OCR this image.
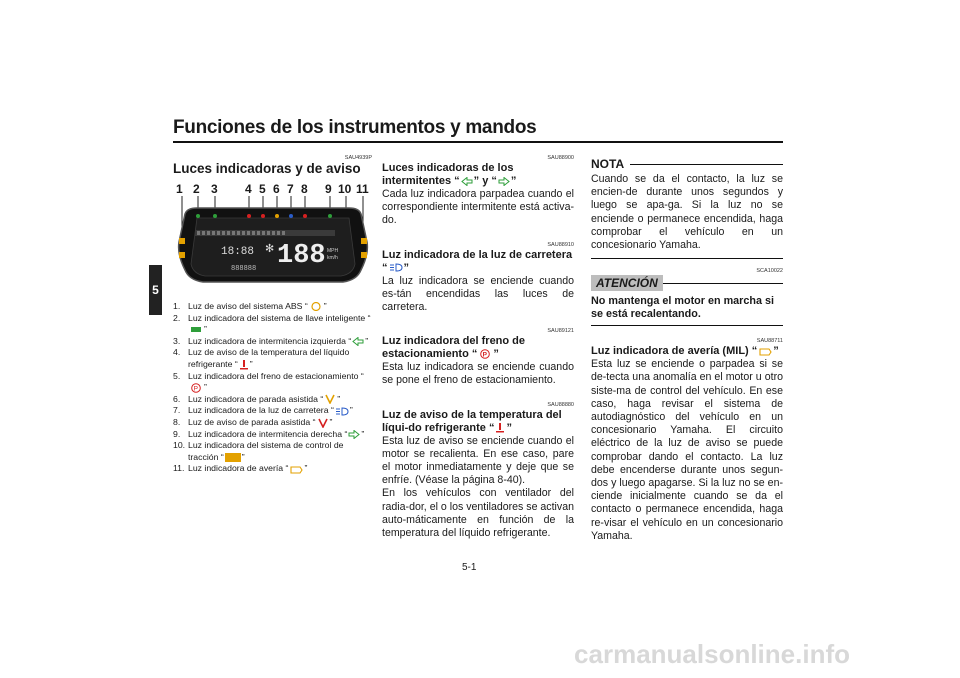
Funciones de los instrumentos y mandos
5
SAU4939P
Luces indicadoras y de aviso
1 2 3 4 5 6 7 8 9 10 11
18:88 ✻ 188 MPH
km/h
888888
1. Luz de aviso del sistema ABS “ ”
2. Luz indicadora del sistema de llave inteligente “”
3. Luz indicadora de intermitencia izquierda “ ”
4. Luz de aviso de la temperatura del líquido refrigerante “ ”
5. Luz indicadora del freno de estacionamiento “
P ”
6. Luz indicadora de parada asistida “ ”
7. Luz indicadora de la luz de carretera “ ”
8. Luz de aviso de parada asistida “ ”
9. Luz indicadora de intermitencia derecha “ ”
10. Luz indicadora del sistema de control de tracción “ ”
11. Luz indicadora de avería “ ”
SAU88900
Luces indicadoras de los intermitentes “ ” y “ ”
Cada luz indicadora parpadea cuando el correspondiente intermitente está activa-do.
SAU88910
Luz indicadora de la luz de carretera “ ”
La luz indicadora se enciende cuando es-tán encendidas las luces de carretera.
SAU89121
Luz indicadora del freno de estacionamiento “ P ”
Esta luz indicadora se enciende cuando se pone el freno de estacionamiento.
SAU88880
Luz de aviso de la temperatura del líqui-do refrigerante “ ”
Esta luz de aviso se enciende cuando el motor se recalienta. En ese caso, pare el motor inmediatamente y deje que se enfríe. (Véase la página 8-40).
En los vehículos con ventilador del radia-dor, el o los ventiladores se activan auto-máticamente en función de la temperatura del líquido refrigerante.
NOTA
Cuando se da el contacto, la luz se encien-de durante unos segundos y luego se apa-ga. Si la luz no se enciende o permanece encendida, haga comprobar el vehículo en un concesionario Yamaha.
SCA10022
ATENCIÓN
No mantenga el motor en marcha si se está recalentando.
SAU88711
Luz indicadora de avería (MIL) “ ”
Esta luz se enciende o parpadea si se de-tecta una anomalía en el motor u otro siste-ma de control del vehículo. En ese caso, haga revisar el sistema de autodiagnóstico del vehículo en un concesionario Yamaha. El circuito eléctrico de la luz de aviso se puede comprobar dando el contacto. La luz debe encenderse durante unos segun-dos y luego apagarse. Si la luz no se en-ciende inicialmente cuando se da el contacto o permanece encendida, haga re-visar el vehículo en un concesionario Yamaha.
5-1
carmanualsonline.info
